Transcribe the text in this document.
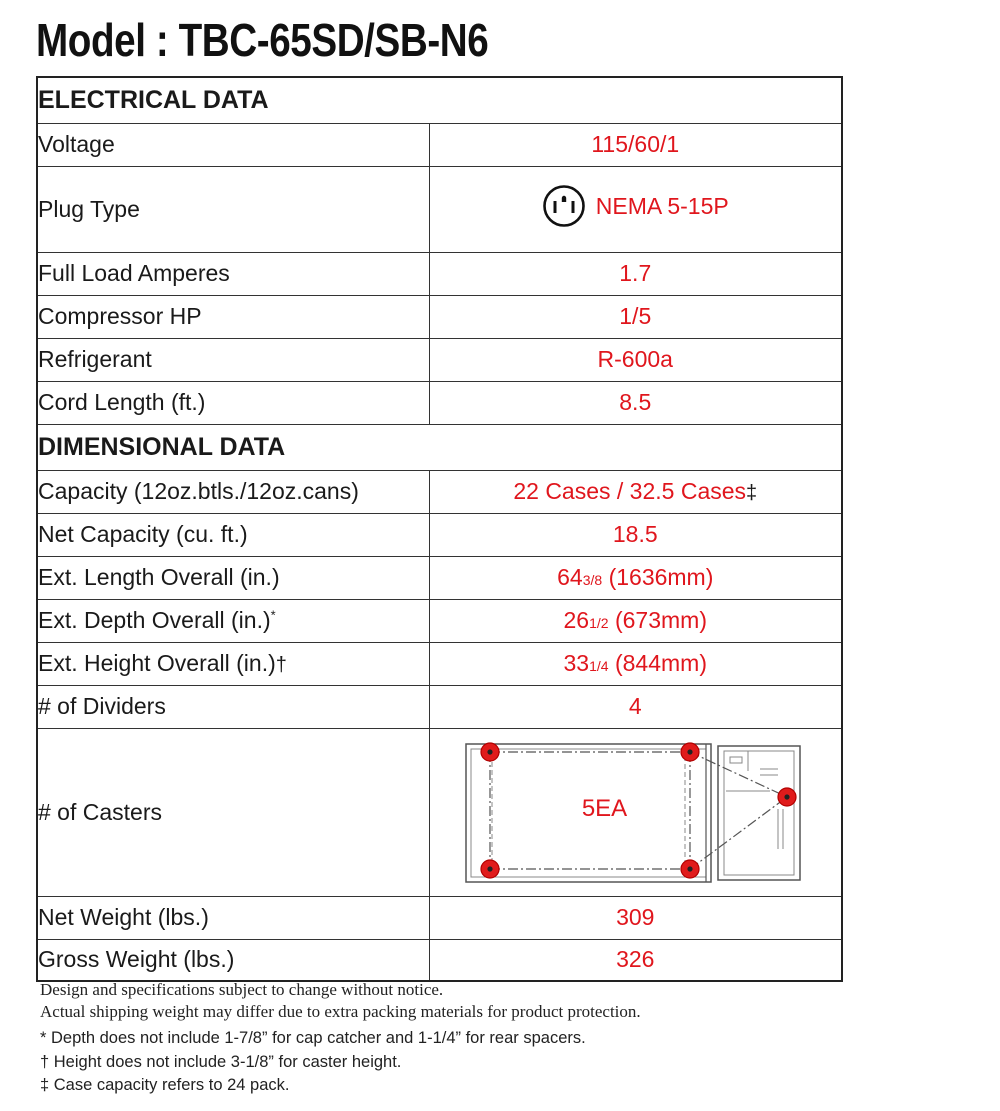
Model : TBC-65SD/SB-N6
ELECTRICAL DATA	
Voltage	115/60/1
Plug Type	NEMA 5-15P

Full Load Amperes	1.7
Compressor HP	1/5
Refrigerant	R-600a
Cord Length (ft.)	8.5
DIMENSIONAL DATA	
Capacity (12oz.btls./12oz.cans)	22 Cases / 32.5 Cases‡
Net Capacity (cu. ft.)	18.5
Ext. Length Overall (in.)	643/8 (1636mm)
Ext. Depth Overall (in.)*	261/2 (673mm)
Ext. Height Overall (in.)†	331/4 (844mm)
# of Dividers	4
# of Casters	5EA

Net Weight (lbs.)	309
Gross Weight (lbs.)	326
Design and specifications subject to change without notice.
Actual shipping weight may differ due to extra packing materials for product protection.
* Depth does not include 1-7/8” for cap catcher and 1-1/4” for rear spacers.
† Height does not include 3-1/8” for caster height.
‡ Case capacity refers to 24 pack.
